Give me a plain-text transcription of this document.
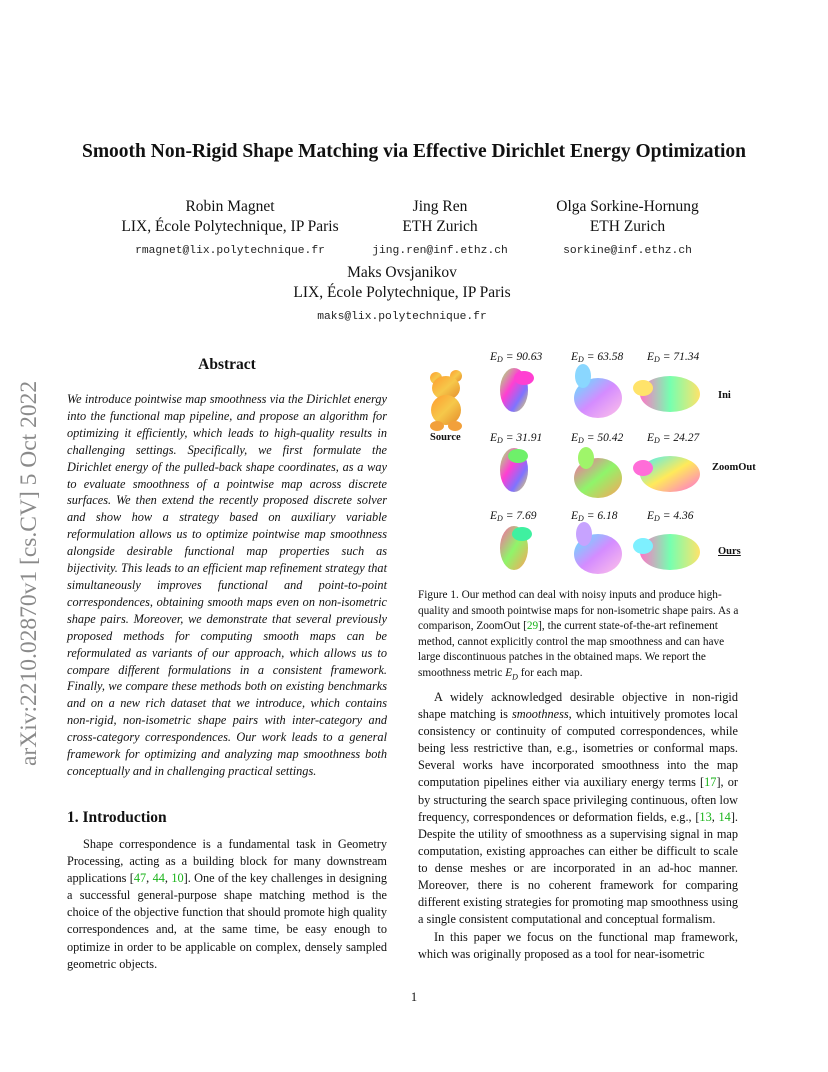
Smooth Non-Rigid Shape Matching via Effective Dirichlet Energy Optimization
Robin Magnet
LIX, École Polytechnique, IP Paris
rmagnet@lix.polytechnique.fr
Jing Ren
ETH Zurich
jing.ren@inf.ethz.ch
Olga Sorkine-Hornung
ETH Zurich
sorkine@inf.ethz.ch
Maks Ovsjanikov
LIX, École Polytechnique, IP Paris
maks@lix.polytechnique.fr
arXiv:2210.02870v1 [cs.CV] 5 Oct 2022
Abstract
We introduce pointwise map smoothness via the Dirichlet energy into the functional map pipeline, and propose an algorithm for optimizing it efficiently, which leads to high-quality results in challenging settings. Specifically, we first formulate the Dirichlet energy of the pulled-back shape coordinates, as a way to evaluate smoothness of a pointwise map across discrete surfaces. We then extend the recently proposed discrete solver and show how a strategy based on auxiliary variable reformulation allows us to optimize pointwise map smoothness alongside desirable functional map properties such as bijectivity. This leads to an efficient map refinement strategy that simultaneously improves functional and point-to-point correspondences, obtaining smooth maps even on non-isometric shape pairs. Moreover, we demonstrate that several previously proposed methods for computing smooth maps can be reformulated as variants of our approach, which allows us to compare different formulations in a consistent framework. Finally, we compare these methods both on existing benchmarks and on a new rich dataset that we introduce, which contains non-rigid, non-isometric shape pairs with inter-category and cross-category correspondences. Our work leads to a general framework for optimizing and analyzing map smoothness both conceptually and in challenging practical settings.
1. Introduction

Shape correspondence is a fundamental task in Geometry Processing, acting as a building block for many downstream applications [47, 44, 10]. One of the key challenges in designing a successful general-purpose shape matching method is the choice of the objective function that should promote high quality correspondences and, at the same time, be easy enough to optimize in order to be applicable on complex, densely sampled geometric objects.

$E_D = 90.63$	$E_D = 63.58$ $E_D = 71.34$
$E_D = 31.91$	$E_D = 50.42$ $E_D = 24.27$
$E_D = 7.69$	$E_D = 6.18$	$E_D = 4.36$
Source
Ini
ZoomOut
Ours
Figure 1. Our method can deal with noisy inputs and produce high-quality and smooth pointwise maps for non-isometric shape pairs. As a comparison, ZoomOut [29], the current state-of-the-art refinement method, cannot explicitly control the map smoothness and can have large discontinuous patches in the obtained maps. We report the smoothness metric $E_D$ for each map.

A widely acknowledged desirable objective in non-rigid shape matching is smoothness, which intuitively promotes local consistency or continuity of computed correspondences, while being less restrictive than, e.g., isometries or conformal maps. Several works have incorporated smoothness into the map computation pipelines either via auxiliary energy terms [17], or by structuring the search space privileging continuous, often low frequency, correspondences or deformation fields, e.g., [13, 14]. Despite the utility of smoothness as a supervising signal in map computation, existing approaches can either be difficult to scale to dense meshes or are incorporated in an ad-hoc manner. Moreover, there is no coherent framework for comparing different existing strategies for promoting map smoothness using a single consistent computational and conceptual formalism.

In this paper we focus on the functional map framework, which was originally proposed as a tool for near-isometric

1
